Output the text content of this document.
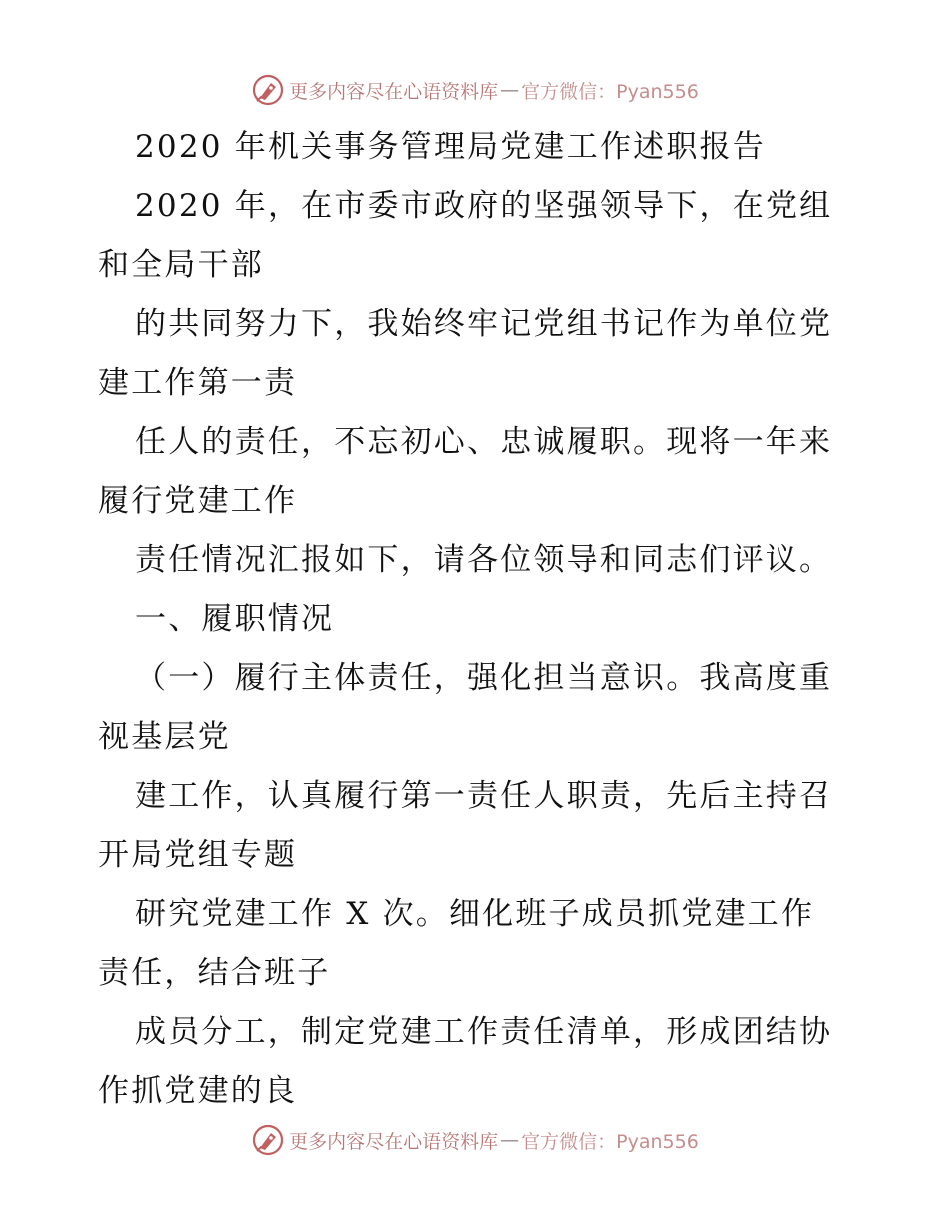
更多内容尽在心语资料库 — 官方微信：Pyan556
2020 年机关事务管理局党建工作述职报告
2020 年，在市委市政府的坚强领导下，在党组
和全局干部
的共同努力下，我始终牢记党组书记作为单位党
建工作第一责
任人的责任，不忘初心、忠诚履职。现将一年来
履行党建工作
责任情况汇报如下，请各位领导和同志们评议。
一、履职情况
（一）履行主体责任，强化担当意识。我高度重
视基层党
建工作，认真履行第一责任人职责，先后主持召
开局党组专题
研究党建工作 X 次。细化班子成员抓党建工作
责任，结合班子
成员分工，制定党建工作责任清单，形成团结协
作抓党建的良
更多内容尽在心语资料库 — 官方微信：Pyan556
